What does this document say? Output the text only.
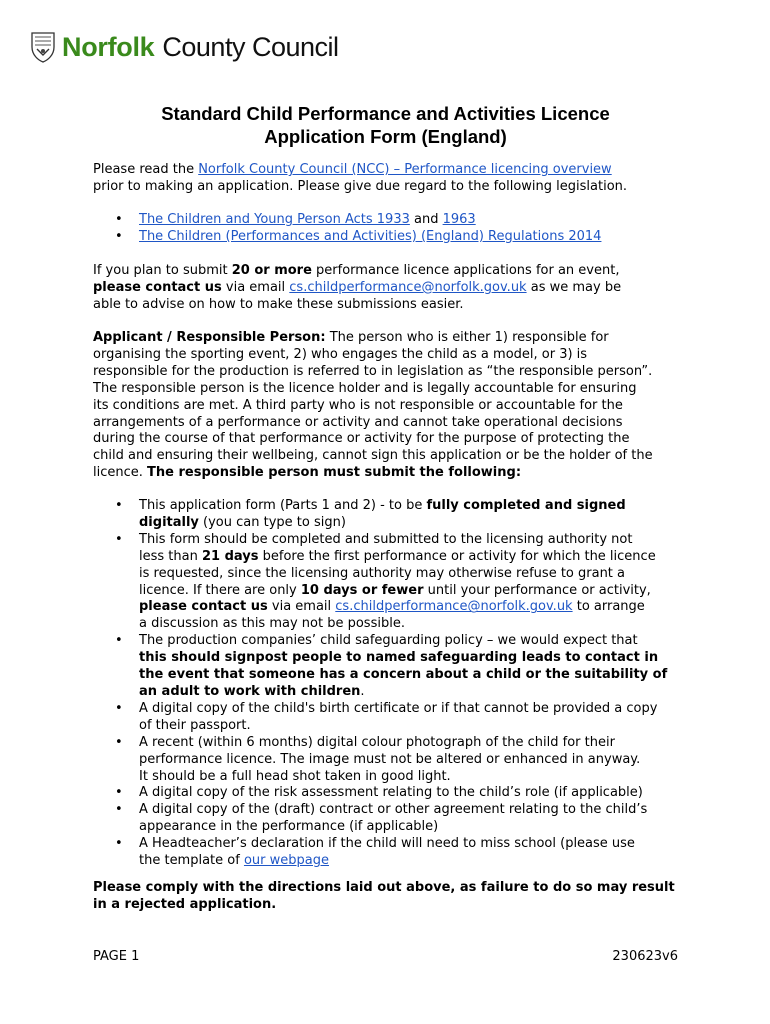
Norfolk County Council
Standard Child Performance and Activities Licence
Application Form (England)
Please read the Norfolk County Council (NCC) – Performance licencing overview
prior to making an application. Please give due regard to the following legislation.
• The Children and Young Person Acts 1933 and 1963
• The Children (Performances and Activities) (England) Regulations 2014
If you plan to submit 20 or more performance licence applications for an event,
please contact us via email cs.childperformance@norfolk.gov.uk as we may be
able to advise on how to make these submissions easier.
Applicant / Responsible Person: The person who is either 1) responsible for
organising the sporting event, 2) who engages the child as a model, or 3) is
responsible for the production is referred to in legislation as “the responsible person”.
The responsible person is the licence holder and is legally accountable for ensuring
its conditions are met. A third party who is not responsible or accountable for the
arrangements of a performance or activity and cannot take operational decisions
during the course of that performance or activity for the purpose of protecting the
child and ensuring their wellbeing, cannot sign this application or be the holder of the
licence. The responsible person must submit the following:
• This application form (Parts 1 and 2) - to be fully completed and signed
digitally (you can type to sign)
• This form should be completed and submitted to the licensing authority not
less than 21 days before the first performance or activity for which the licence
is requested, since the licensing authority may otherwise refuse to grant a
licence. If there are only 10 days or fewer until your performance or activity,
please contact us via email cs.childperformance@norfolk.gov.uk to arrange
a discussion as this may not be possible.
• The production companies’ child safeguarding policy – we would expect that
this should signpost people to named safeguarding leads to contact in
the event that someone has a concern about a child or the suitability of
an adult to work with children.
• A digital copy of the child's birth certificate or if that cannot be provided a copy
of their passport.
• A recent (within 6 months) digital colour photograph of the child for their
performance licence. The image must not be altered or enhanced in anyway.
It should be a full head shot taken in good light.
• A digital copy of the risk assessment relating to the child’s role (if applicable)
• A digital copy of the (draft) contract or other agreement relating to the child’s
appearance in the performance (if applicable)
• A Headteacher’s declaration if the child will need to miss school (please use
the template of our webpage
Please comply with the directions laid out above, as failure to do so may result
in a rejected application.
PAGE 1	230623v6
